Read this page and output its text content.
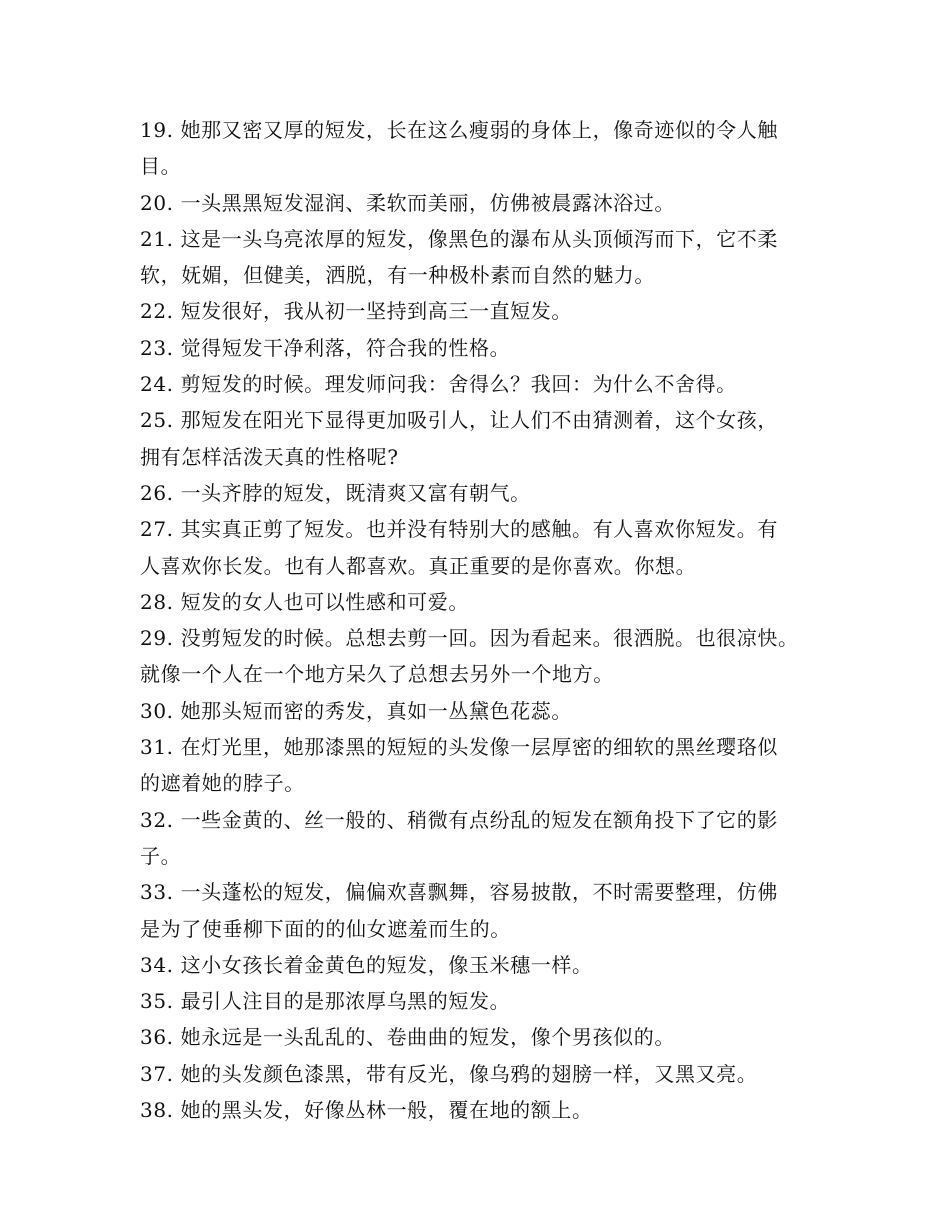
19. 她那又密又厚的短发，长在这么瘦弱的身体上，像奇迹似的令人触
目。
20. 一头黑黑短发湿润、柔软而美丽，仿佛被晨露沐浴过。
21. 这是一头乌亮浓厚的短发，像黑色的瀑布从头顶倾泻而下，它不柔
软，妩媚，但健美，洒脱，有一种极朴素而自然的魅力。
22. 短发很好，我从初一坚持到高三一直短发。
23. 觉得短发干净利落，符合我的性格。
24. 剪短发的时候。理发师问我：舍得么？我回：为什么不舍得。
25. 那短发在阳光下显得更加吸引人，让人们不由猜测着，这个女孩，
拥有怎样活泼天真的性格呢?
26. 一头齐脖的短发，既清爽又富有朝气。
27. 其实真正剪了短发。也并没有特别大的感触。有人喜欢你短发。有
人喜欢你长发。也有人都喜欢。真正重要的是你喜欢。你想。
28. 短发的女人也可以性感和可爱。
29. 没剪短发的时候。总想去剪一回。因为看起来。很洒脱。也很凉快。
就像一个人在一个地方呆久了总想去另外一个地方。
30. 她那头短而密的秀发，真如一丛黛色花蕊。
31. 在灯光里，她那漆黑的短短的头发像一层厚密的细软的黑丝璎珞似
的遮着她的脖子。
32. 一些金黄的、丝一般的、稍微有点纷乱的短发在额角投下了它的影
子。
33. 一头蓬松的短发，偏偏欢喜飘舞，容易披散，不时需要整理，仿佛
是为了使垂柳下面的的仙女遮羞而生的。
34. 这小女孩长着金黄色的短发，像玉米穗一样。
35. 最引人注目的是那浓厚乌黑的短发。
36. 她永远是一头乱乱的、卷曲曲的短发，像个男孩似的。
37. 她的头发颜色漆黑，带有反光，像乌鸦的翅膀一样，又黑又亮。
38. 她的黑头发，好像丛林一般，覆在地的额上。
